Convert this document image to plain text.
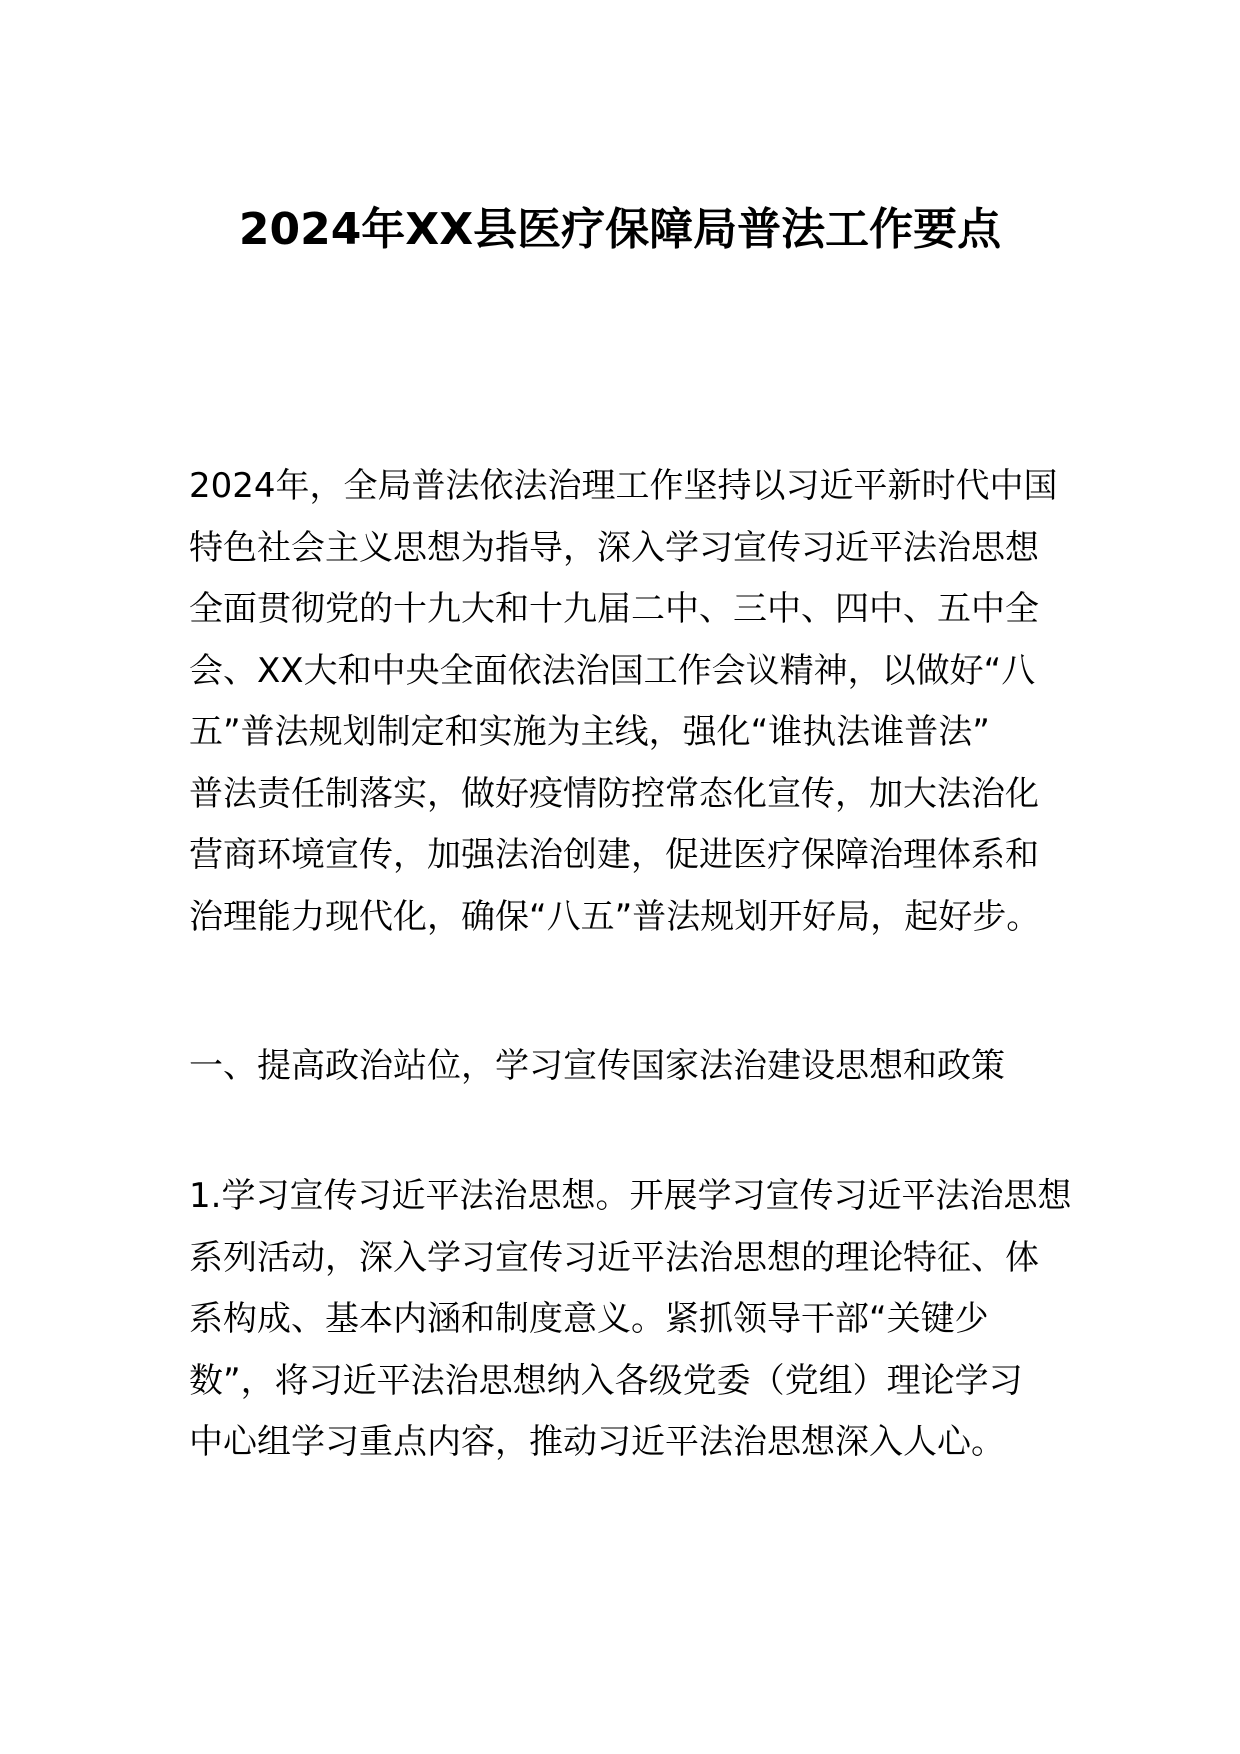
2024年XX县医疗保障局普法工作要点
2024年，全局普法依法治理工作坚持以习近平新时代中国
特色社会主义思想为指导，深入学习宣传习近平法治思想
全面贯彻党的十九大和十九届二中、三中、四中、五中全
会、XX大和中央全面依法治国工作会议精神，以做好“八
五”普法规划制定和实施为主线，强化“谁执法谁普法”
普法责任制落实，做好疫情防控常态化宣传，加大法治化
营商环境宣传，加强法治创建，促进医疗保障治理体系和
治理能力现代化，确保“八五”普法规划开好局，起好步。
一、提高政治站位，学习宣传国家法治建设思想和政策
1.学习宣传习近平法治思想。开展学习宣传习近平法治思想
系列活动，深入学习宣传习近平法治思想的理论特征、体
系构成、基本内涵和制度意义。紧抓领导干部“关键少
数”，将习近平法治思想纳入各级党委（党组）理论学习
中心组学习重点内容，推动习近平法治思想深入人心。
